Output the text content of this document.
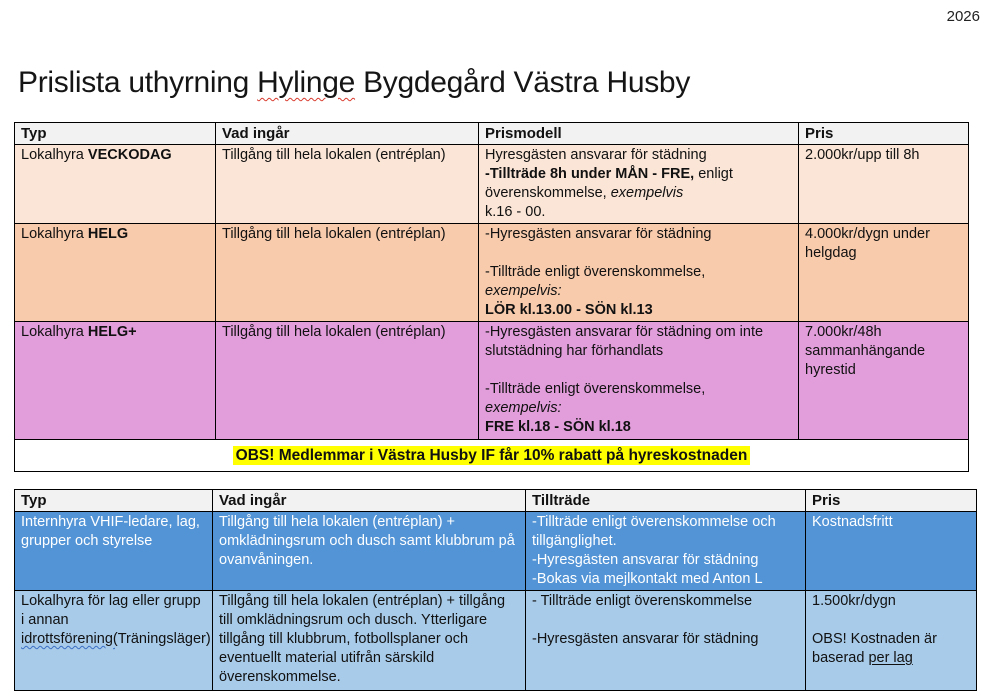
2026
Prislista uthyrning Hylinge Bygdegård Västra Husby
Typ	Vad ingår	Prismodell	Pris
Lokalhyra VECKODAG	Tillgång till hela lokalen (entréplan)	Hyresgästen ansvarar för städning
-Tillträde 8h under MÅN - FRE, enligt
överenskommelse, exempelvis
k.16 - 00.	2.000kr/upp till 8h
Lokalhyra HELG	Tillgång till hela lokalen (entréplan)	-Hyresgästen ansvarar för städning
-Tillträde enligt överenskommelse,
exempelvis:
LÖR kl.13.00 - SÖN kl.13	4.000kr/dygn under helgdag
Lokalhyra HELG+	Tillgång till hela lokalen (entréplan)	-Hyresgästen ansvarar för städning om inte slutstädning har förhandlats
-Tillträde enligt överenskommelse,
exempelvis:
FRE kl.18 - SÖN kl.18	7.000kr/48h sammanhängande hyrestid
OBS! Medlemmar i Västra Husby IF får 10% rabatt på hyreskostnaden			
Typ	Vad ingår	Tillträde	Pris
Internhyra VHIF-ledare, lag, grupper och styrelse	Tillgång till hela lokalen (entréplan) + omklädningsrum och dusch samt klubbrum på ovanvåningen.	-Tillträde enligt överenskommelse och tillgänglighet.
-Hyresgästen ansvarar för städning
-Bokas via mejlkontakt med Anton L	Kostnadsfritt
Lokalhyra för lag eller grupp i annan idrottsförening(Träningsläger)	Tillgång till hela lokalen (entréplan) + tillgång till omklädningsrum och dusch. Ytterligare tillgång till klubbrum, fotbollsplaner och eventuellt material utifrån särskild överenskommelse.	
- Tillträde enligt överenskommelse
-Hyresgästen ansvarar för städning

1.500kr/dygn
OBS! Kostnaden är baserad per lag
